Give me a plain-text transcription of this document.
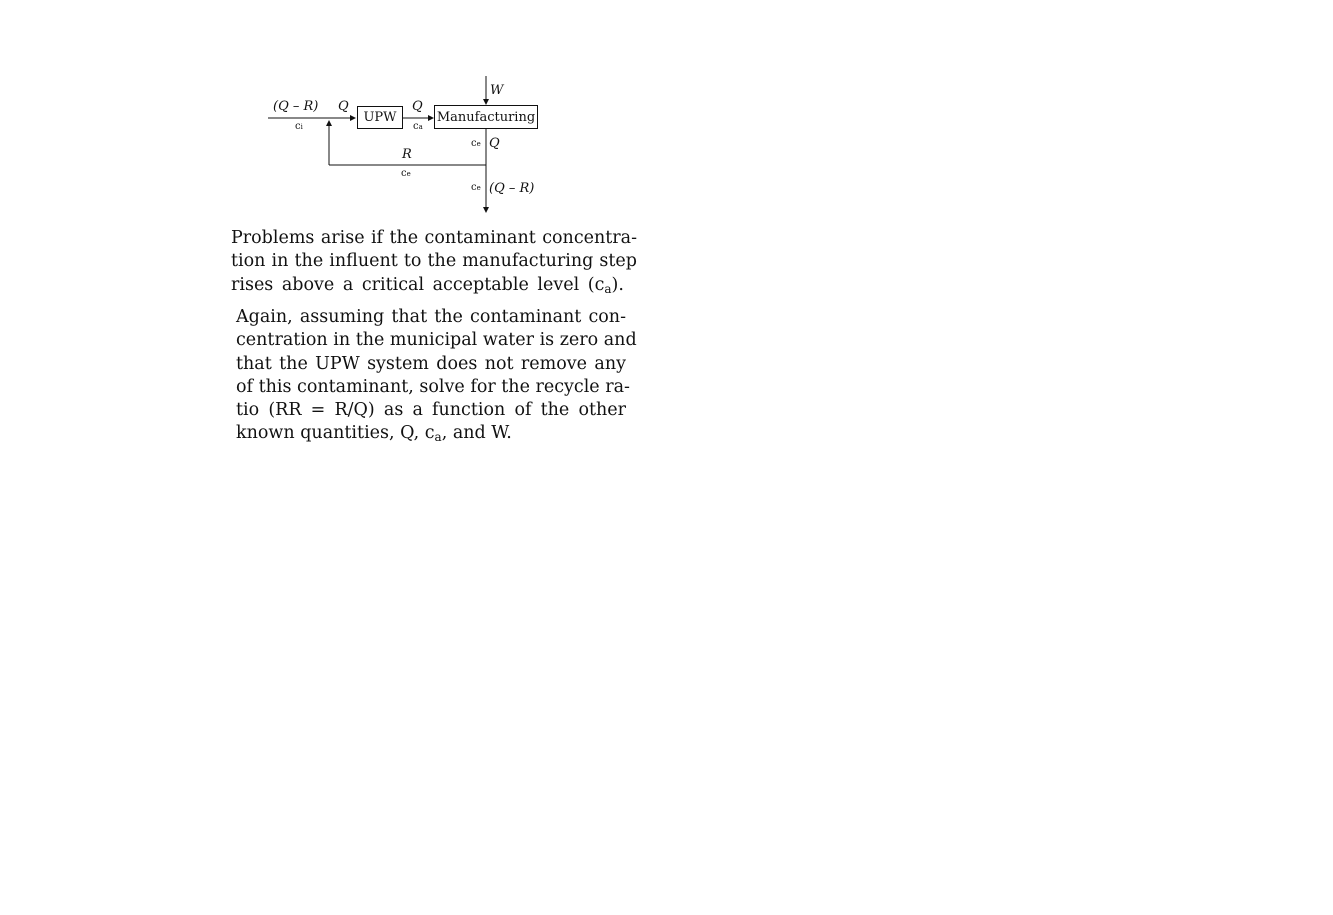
UPW	Manufacturing
(Q – R)
ci
Q	Q
ca
W
ce Q
R
ce
ce (Q – R)
Problems arise if the contaminant concentra-
tion in the influent to the manufacturing step
rises above a critical acceptable level (ca).
Again, assuming that the contaminant con-
centration in the municipal water is zero and
that the UPW system does not remove any
of this contaminant, solve for the recycle ra-
tio (RR = R/Q) as a function of the other
known quantities, Q, ca, and W.
